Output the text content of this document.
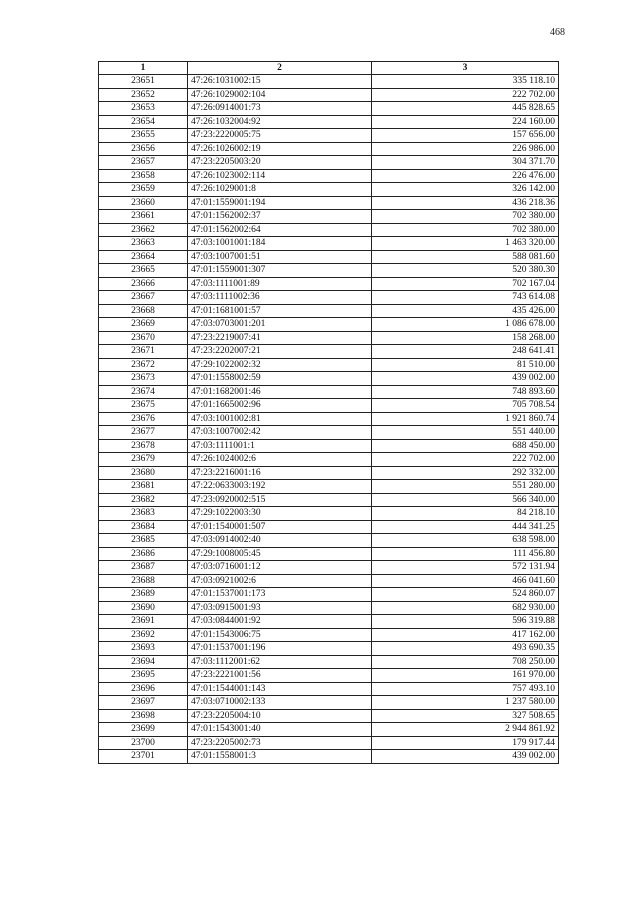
468
1	2	3
23651	47:26:1031002:15	335 118.10
23652	47:26:1029002:104	222 702.00
23653	47:26:0914001:73	445 828.65
23654	47:26:1032004:92	224 160.00
23655	47:23:2220005:75	157 656.00
23656	47:26:1026002:19	226 986.00
23657	47:23:2205003:20	304 371.70
23658	47:26:1023002:114	226 476.00
23659	47:26:1029001:8	326 142.00
23660	47:01:1559001:194	436 218.36
23661	47:01:1562002:37	702 380.00
23662	47:01:1562002:64	702 380.00
23663	47:03:1001001:184	1 463 320.00
23664	47:03:1007001:51	588 081.60
23665	47:01:1559001:307	520 380.30
23666	47:03:1111001:89	702 167.04
23667	47:03:1111002:36	743 614.08
23668	47:01:1681001:57	435 426.00
23669	47:03:0703001:201	1 086 678.00
23670	47:23:2219007:41	158 268.00
23671	47:23:2202007:21	248 641.41
23672	47:29:1022002:32	81 510.00
23673	47:01:1558002:59	439 002.00
23674	47:01:1682001:46	748 893.60
23675	47:01:1665002:96	705 708.54
23676	47:03:1001002:81	1 921 860.74
23677	47:03:1007002:42	551 440.00
23678	47:03:1111001:1	688 450.00
23679	47:26:1024002:6	222 702.00
23680	47:23:2216001:16	292 332.00
23681	47:22:0633003:192	551 280.00
23682	47:23:0920002:515	566 340.00
23683	47:29:1022003:30	84 218.10
23684	47:01:1540001:507	444 341.25
23685	47:03:0914002:40	638 598.00
23686	47:29:1008005:45	111 456.80
23687	47:03:0716001:12	572 131.94
23688	47:03:0921002:6	466 041.60
23689	47:01:1537001:173	524 860.07
23690	47:03:0915001:93	682 930.00
23691	47:03:0844001:92	596 319.88
23692	47:01:1543006:75	417 162.00
23693	47:01:1537001:196	493 690.35
23694	47:03:1112001:62	708 250.00
23695	47:23:2221001:56	161 970.00
23696	47:01:1544001:143	757 493.10
23697	47:03:0710002:133	1 237 580.00
23698	47:23:2205004:10	327 508.65
23699	47:01:1543001:40	2 944 861.92
23700	47:23:2205002:73	179 917.44
23701	47:01:1558001:3	439 002.00
